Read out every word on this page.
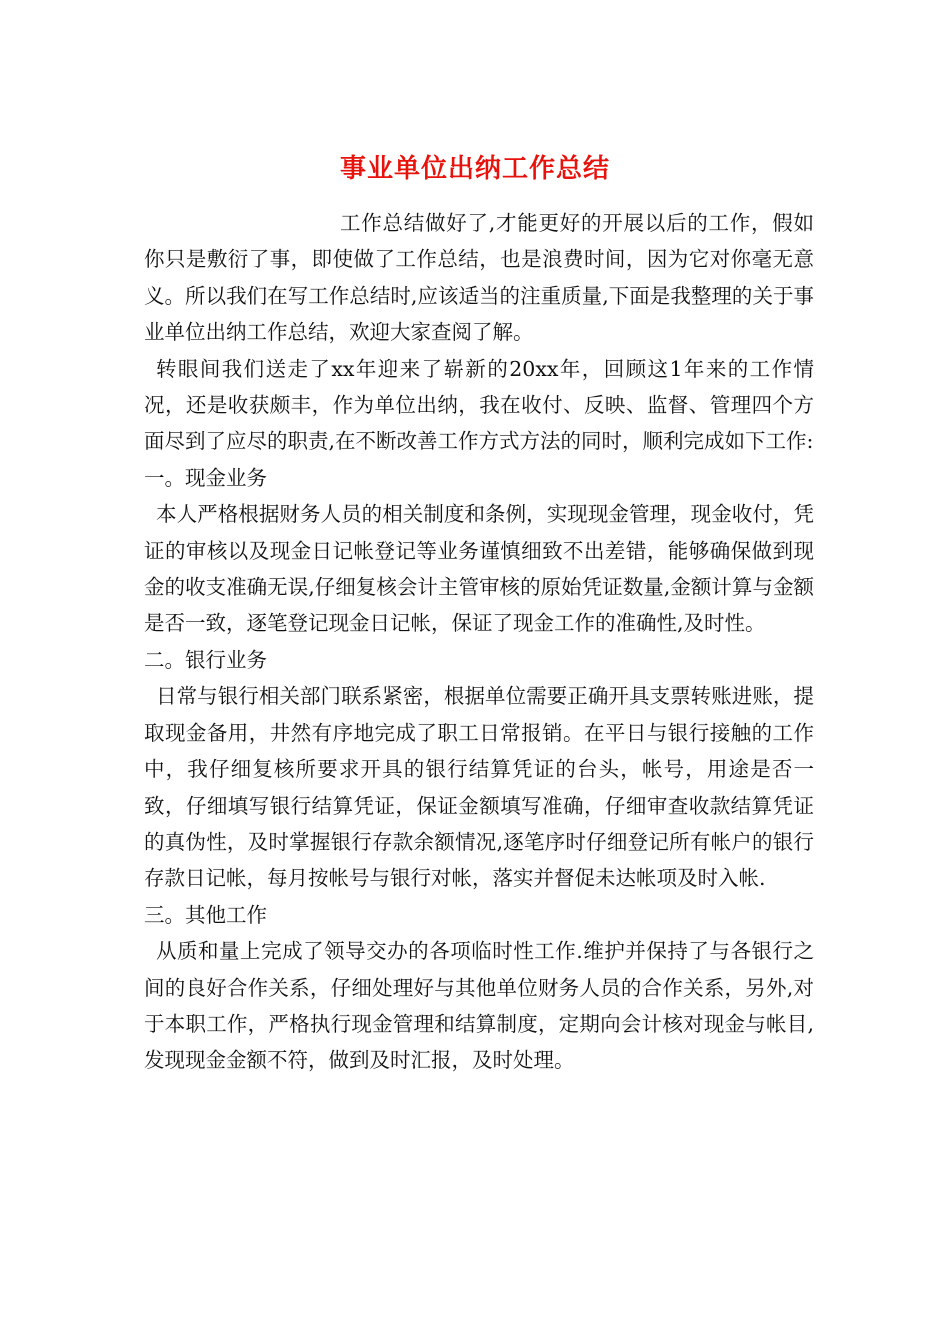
事业单位出纳工作总结

工作总结做好了,才能更好的开展以后的工作，假如你只是敷衍了事，即使做了工作总结，也是浪费时间，因为它对你毫无意义。所以我们在写工作总结时,应该适当的注重质量,下面是我整理的关于事业单位出纳工作总结，欢迎大家查阅了解。

转眼间我们送走了xx年迎来了崭新的20xx年，回顾这1年来的工作情况，还是收获颇丰，作为单位出纳，我在收付、反映、监督、管理四个方面尽到了应尽的职责,在不断改善工作方式方法的同时，顺利完成如下工作:

一。现金业务

本人严格根据财务人员的相关制度和条例，实现现金管理，现金收付，凭证的审核以及现金日记帐登记等业务谨慎细致不出差错，能够确保做到现金的收支准确无误,仔细复核会计主管审核的原始凭证数量,金额计算与金额是否一致，逐笔登记现金日记帐，保证了现金工作的准确性,及时性。

二。银行业务

日常与银行相关部门联系紧密，根据单位需要正确开具支票转账进账，提取现金备用，井然有序地完成了职工日常报销。在平日与银行接触的工作中，我仔细复核所要求开具的银行结算凭证的台头，帐号，用途是否一致，仔细填写银行结算凭证，保证金额填写准确，仔细审查收款结算凭证的真伪性，及时掌握银行存款余额情况,逐笔序时仔细登记所有帐户的银行存款日记帐，每月按帐号与银行对帐，落实并督促未达帐项及时入帐.

三。其他工作

从质和量上完成了领导交办的各项临时性工作.维护并保持了与各银行之间的良好合作关系，仔细处理好与其他单位财务人员的合作关系，另外,对于本职工作，严格执行现金管理和结算制度，定期向会计核对现金与帐目,发现现金金额不符，做到及时汇报，及时处理。
